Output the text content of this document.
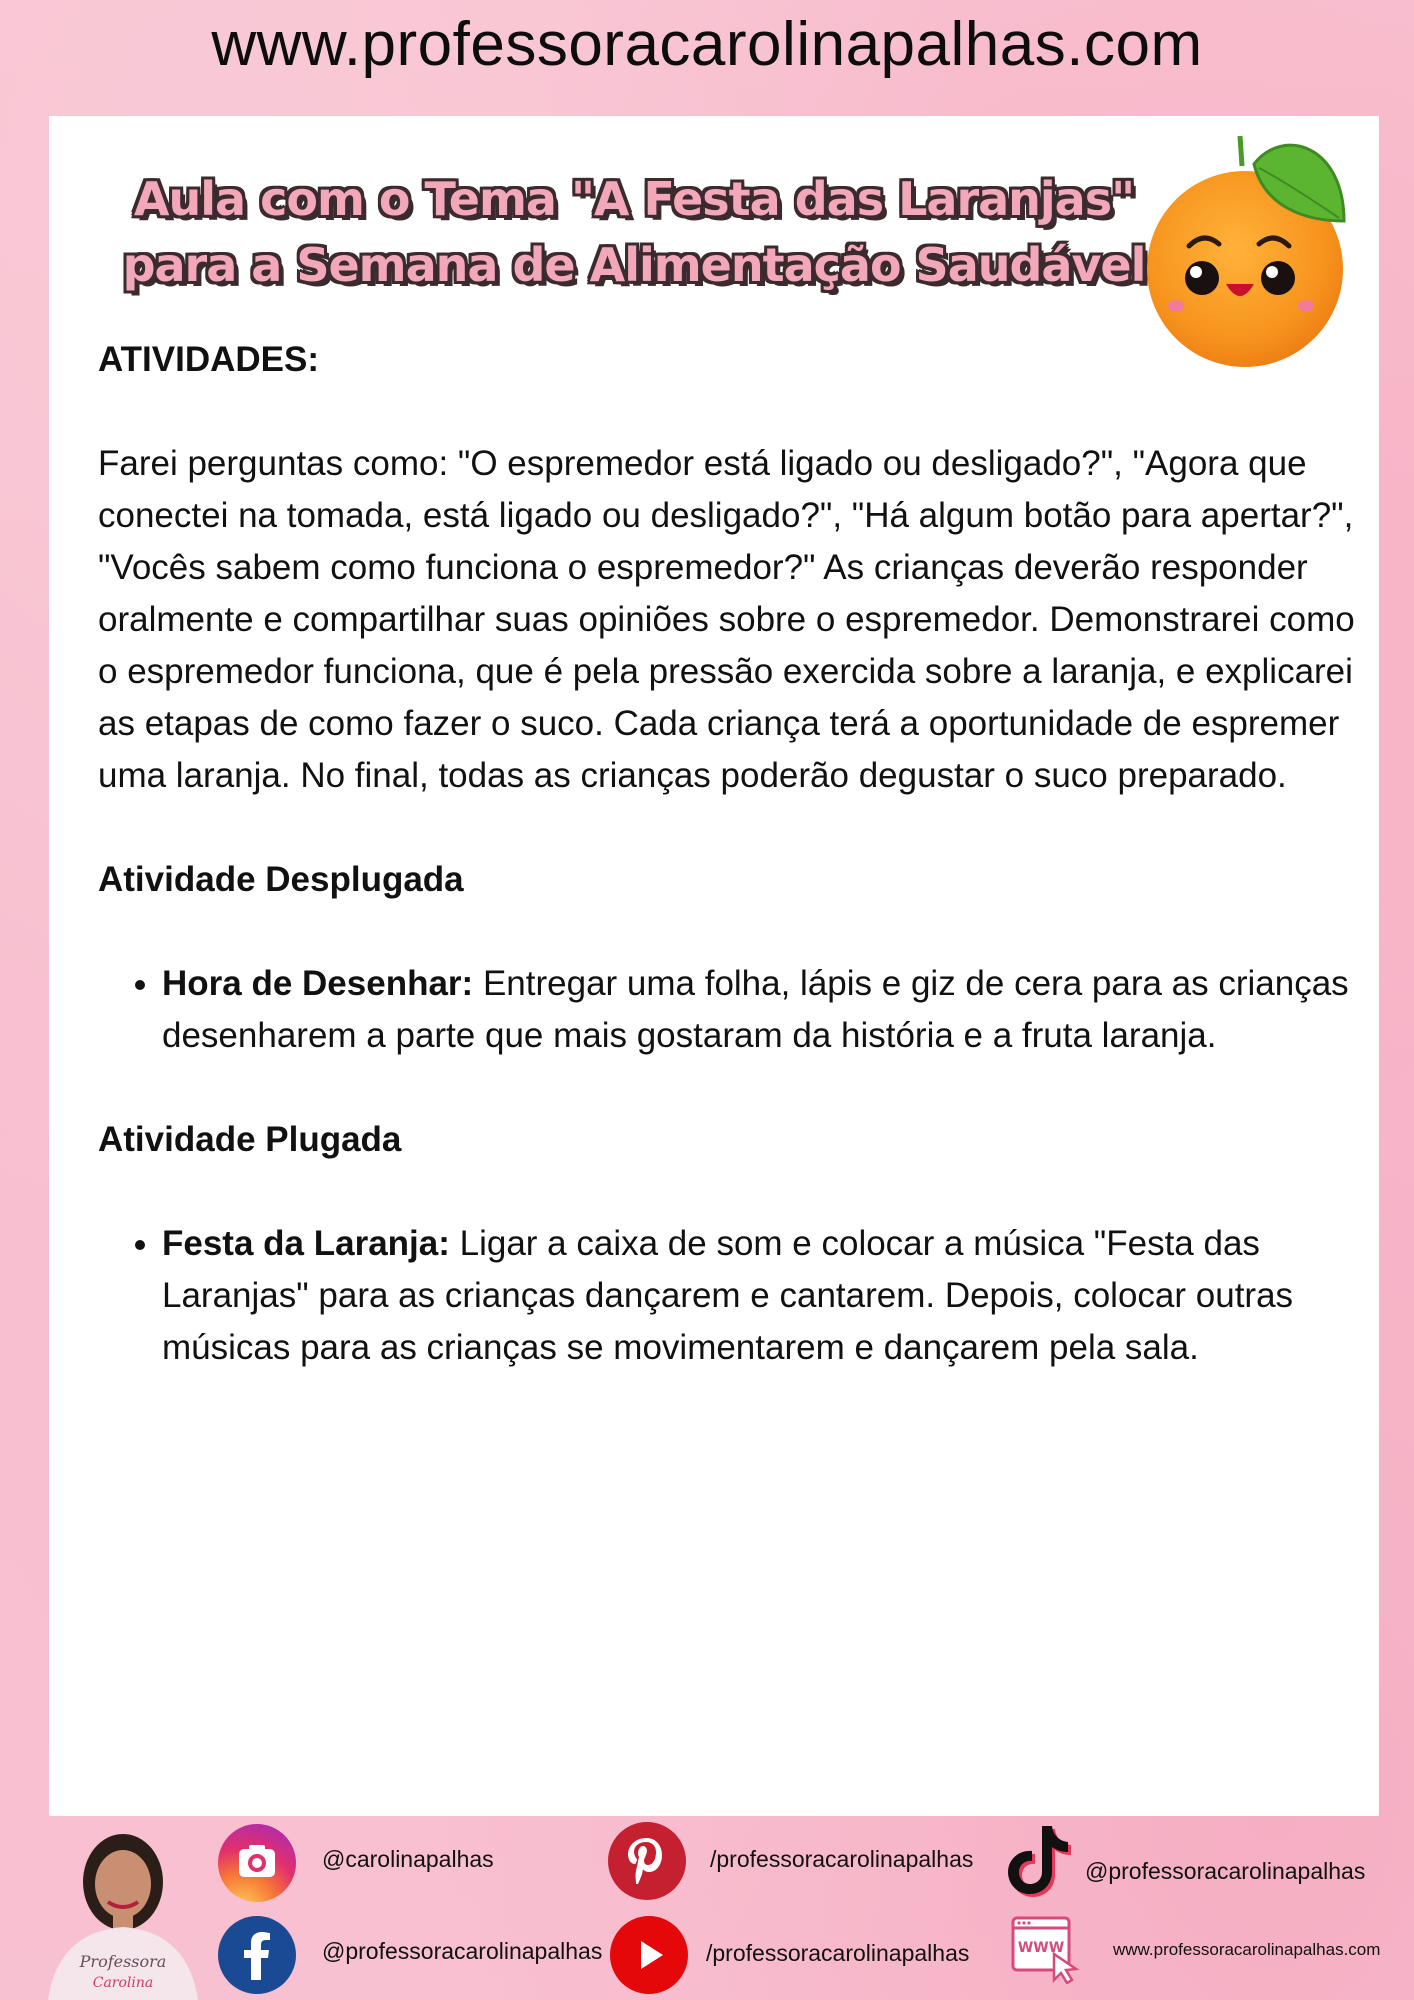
www.professoracarolinapalhas.com
Aula com o Tema "A Festa das Laranjas"
para a Semana de Alimentação Saudável

ATIVIDADES:

Farei perguntas como: "O espremedor está ligado ou desligado?", "Agora que conectei na tomada, está ligado ou desligado?", "Há algum botão para apertar?", "Vocês sabem como funciona o espremedor?" As crianças deverão responder oralmente e compartilhar suas opiniões sobre o espremedor. Demonstrarei como o espremedor funciona, que é pela pressão exercida sobre a laranja, e explicarei as etapas de como fazer o suco. Cada criança terá a oportunidade de espremer uma laranja. No final, todas as crianças poderão degustar o suco preparado.

Atividade Desplugada

• Hora de Desenhar: Entregar uma folha, lápis e giz de cera para as crianças desenharem a parte que mais gostaram da história e a fruta laranja.

Atividade Plugada

• Festa da Laranja: Ligar a caixa de som e colocar a música "Festa das Laranjas" para as crianças dançarem e cantarem. Depois, colocar outras músicas para as crianças se movimentarem e dançarem pela sala.
Professora
Carolina
@carolinapalhas
@professoracarolinapalhas
/professoracarolinapalhas
/professoracarolinapalhas
@professoracarolinapalhas
WWW	www.professoracarolinapalhas.com
